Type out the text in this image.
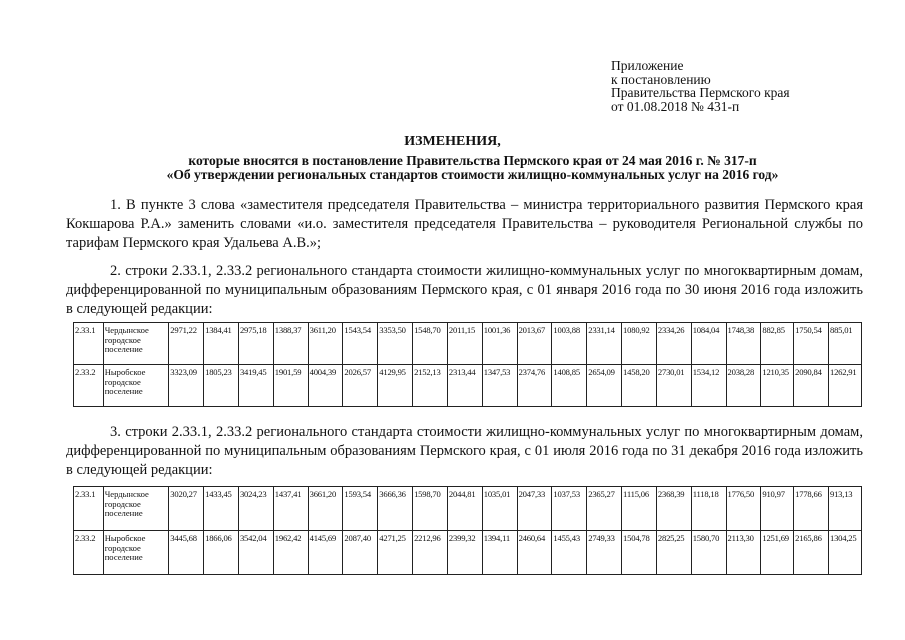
Приложение
к постановлению
Правительства Пермского края
от 01.08.2018 № 431-п
ИЗМЕНЕНИЯ,
которые вносятся в постановление Правительства Пермского края от 24 мая 2016 г. № 317-п
«Об утверждении региональных стандартов стоимости жилищно-коммунальных услуг на 2016 год»
1. В пункте 3 слова «заместителя председателя Правительства – министра территориального развития Пермского края Кокшарова Р.А.» заменить словами «и.о. заместителя председателя Правительства – руководителя Региональной службы по тарифам Пермского края Удальева А.В.»;
2. строки 2.33.1, 2.33.2 регионального стандарта стоимости жилищно-коммунальных услуг по многоквартирным домам, дифференцированной по муниципальным образованиям Пермского края, с 01 января 2016 года по 30 июня 2016 года изложить в следующей редакции:
2.33.1	Чердынское городское поселение	2971,22	1384,41	2975,18	1388,37	3611,20	1543,54	3353,50	1548,70	2011,15	1001,36	2013,67	1003,88	2331,14	1080,92	2334,26	1084,04	1748,38	882,85	1750,54	885,01
2.33.2	Ныробское городское поселение	3323,09	1805,23	3419,45	1901,59	4004,39	2026,57	4129,95	2152,13	2313,44	1347,53	2374,76	1408,85	2654,09	1458,20	2730,01	1534,12	2038,28	1210,35	2090,84	1262,91
3. строки 2.33.1, 2.33.2 регионального стандарта стоимости жилищно-коммунальных услуг по многоквартирным домам, дифференцированной по муниципальным образованиям Пермского края, с 01 июля 2016 года по 31 декабря 2016 года изложить в следующей редакции:
2.33.1	Чердынское городское поселение	3020,27	1433,45	3024,23	1437,41	3661,20	1593,54	3666,36	1598,70	2044,81	1035,01	2047,33	1037,53	2365,27	1115,06	2368,39	1118,18	1776,50	910,97	1778,66	913,13
2.33.2	Ныробское городское поселение	3445,68	1866,06	3542,04	1962,42	4145,69	2087,40	4271,25	2212,96	2399,32	1394,11	2460,64	1455,43	2749,33	1504,78	2825,25	1580,70	2113,30	1251,69	2165,86	1304,25
